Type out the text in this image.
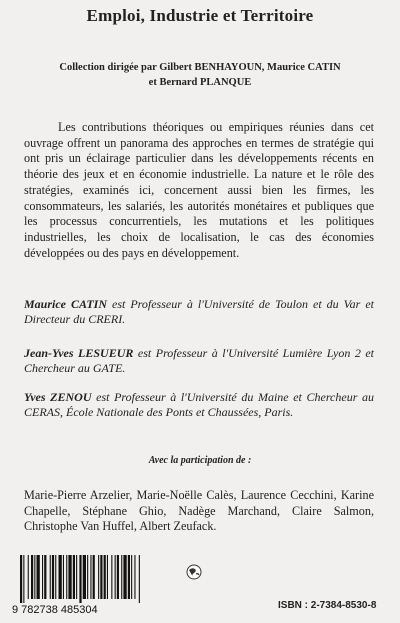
Emploi, Industrie et Territoire
Collection dirigée par Gilbert BENHAYOUN, Maurice CATIN
et Bernard PLANQUE
Les contributions théoriques ou empiriques réunies dans cet ouvrage offrent un panorama des approches en termes de stratégie qui ont pris un éclairage particulier dans les développements récents en théorie des jeux et en économie industrielle. La nature et le rôle des stratégies, examinés ici, concernent aussi bien les firmes, les consommateurs, les salariés, les autorités monétaires et publiques que les processus concurrentiels, les mutations et les politiques industrielles, les choix de localisation, le cas des économies développées ou des pays en développement.
Maurice CATIN est Professeur à l'Université de Toulon et du Var et Directeur du CRERI.
Jean-Yves LESUEUR est Professeur à l'Université Lumière Lyon 2 et Chercheur au GATE.
Yves ZENOU est Professeur à l'Université du Maine et Chercheur au CERAS, École Nationale des Ponts et Chaussées, Paris.
Avec la participation de :
Marie-Pierre Arzelier, Marie-Noëlle Calès, Laurence Cecchini, Karine Chapelle, Stéphane Ghio, Nadège Marchand, Claire Salmon, Christophe Van Huffel, Albert Zeufack.
9 782738 485304	ISBN : 2-7384-8530-8
